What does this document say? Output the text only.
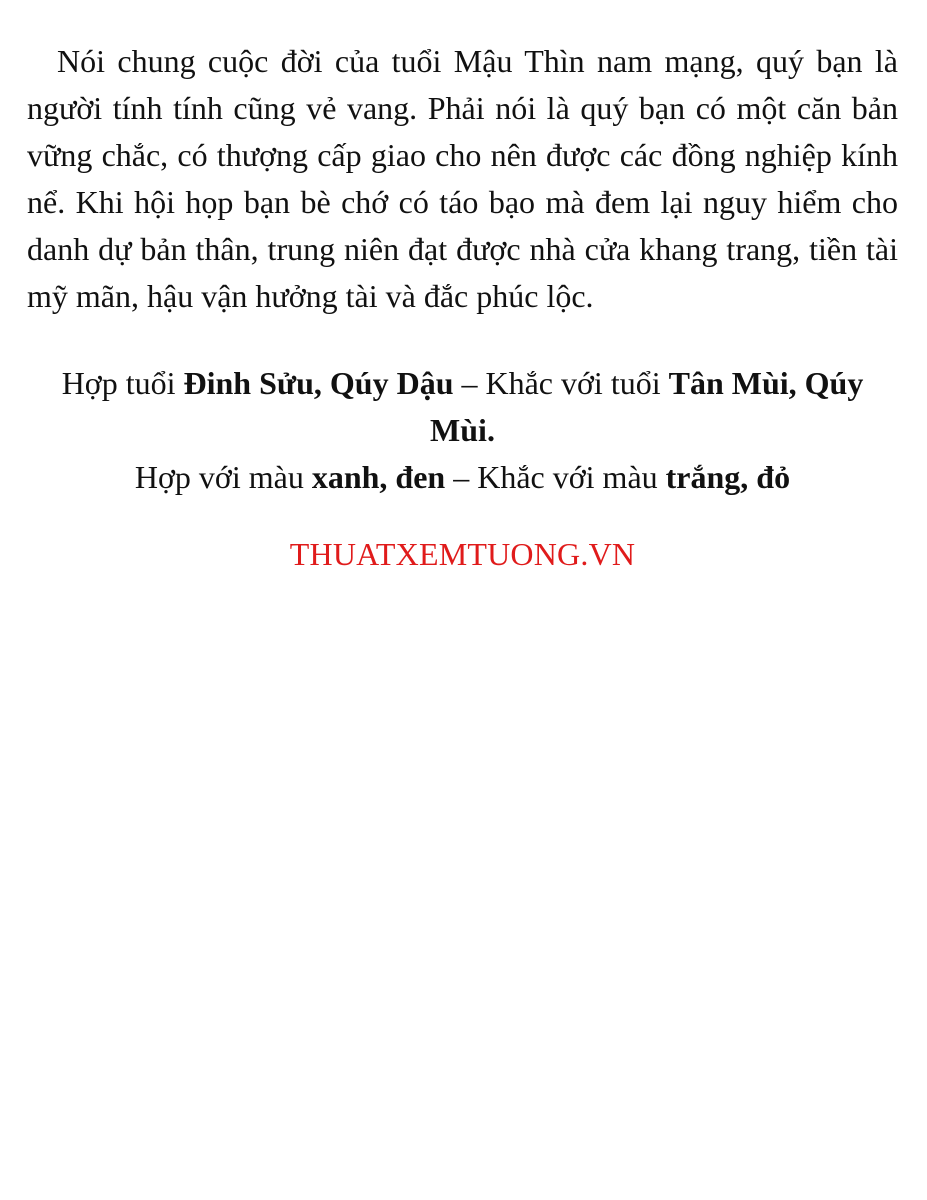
Nói chung cuộc đời của tuổi Mậu Thìn nam mạng, quý bạn là người tính tính cũng vẻ vang. Phải nói là quý bạn có một căn bản vững chắc, có thượng cấp giao cho nên được các đồng nghiệp kính nể. Khi hội họp bạn bè chớ có táo bạo mà đem lại nguy hiểm cho danh dự bản thân, trung niên đạt được nhà cửa khang trang, tiền tài mỹ mãn, hậu vận hưởng tài và đắc phúc lộc.

Hợp tuổi Đinh Sửu, Qúy Dậu – Khắc với tuổi Tân Mùi, Qúy Mùi.
Hợp với màu xanh, đen – Khắc với màu trắng, đỏ
THUATXEMTUONG.VN
